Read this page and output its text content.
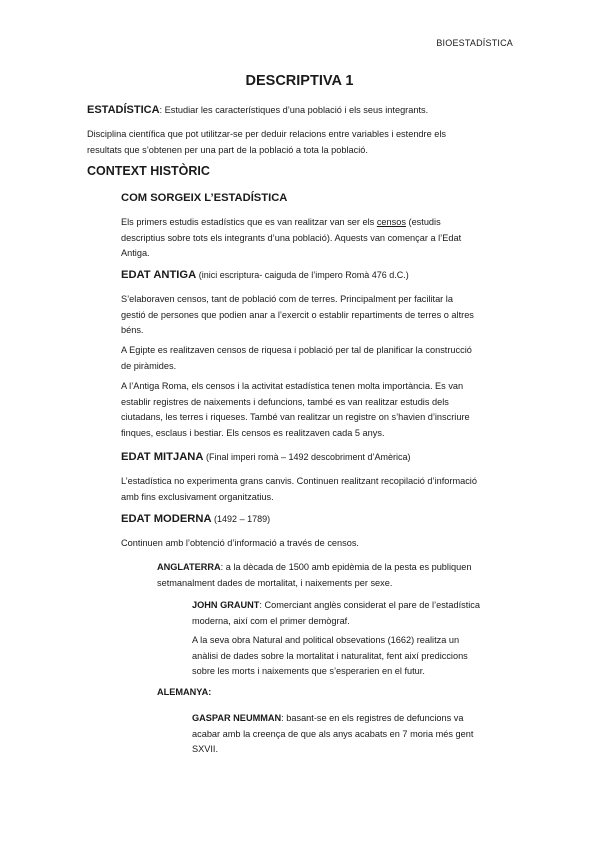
BIOESTADÍSTICA
DESCRIPTIVA 1
ESTADÍSTICA: Estudiar les característiques d’una població i els seus integrants.
Disciplina científica que pot utilitzar-se per deduir relacions entre variables i estendre els
resultats que s’obtenen per una part de la població a tota la població.
CONTEXT HISTÒRIC
COM SORGEIX L’ESTADÍSTICA
Els primers estudis estadístics que es van realitzar van ser els censos (estudis
descriptius sobre tots els integrants d’una població). Aquests van començar a l’Edat
Antiga.
EDAT ANTIGA (inici escriptura- caiguda de l’impero Romà 476 d.C.)
S’elaboraven censos, tant de població com de terres. Principalment per facilitar la
gestió de persones que podien anar a l’exercit o establir repartiments de terres o altres
béns.
A Egipte es realitzaven censos de riquesa i població per tal de planificar la construcció
de piràmides.
A l’Antiga Roma, els censos i la activitat estadística tenen molta importància. Es van
establir registres de naixements i defuncions, també es van realitzar estudis dels
ciutadans, les terres i riqueses. També van realitzar un registre on s’havien d’inscriure
finques, esclaus i bestiar. Els censos es realitzaven cada 5 anys.
EDAT MITJANA (Final imperi romà – 1492 descobriment d’Amèrica)
L’estadística no experimenta grans canvis. Continuen realitzant recopilació d’informació
amb fins exclusivament organitzatius.
EDAT MODERNA (1492 – 1789)
Continuen amb l’obtenció d’informació a través de censos.
ANGLATERRA: a la dècada de 1500 amb epidèmia de la pesta es publiquen
setmanalment dades de mortalitat, i naixements per sexe.
JOHN GRAUNT: Comerciant anglès considerat el pare de l’estadística
moderna, així com el primer demògraf.
A la seva obra Natural and political obsevations (1662) realitza un
anàlisi de dades sobre la mortalitat i naturalitat, fent així prediccions
sobre les morts i naixements que s’esperarien en el futur.
ALEMANYA:
GASPAR NEUMMAN: basant-se en els registres de defuncions va
acabar amb la creença de que als anys acabats en 7 moria més gent
SXVII.
